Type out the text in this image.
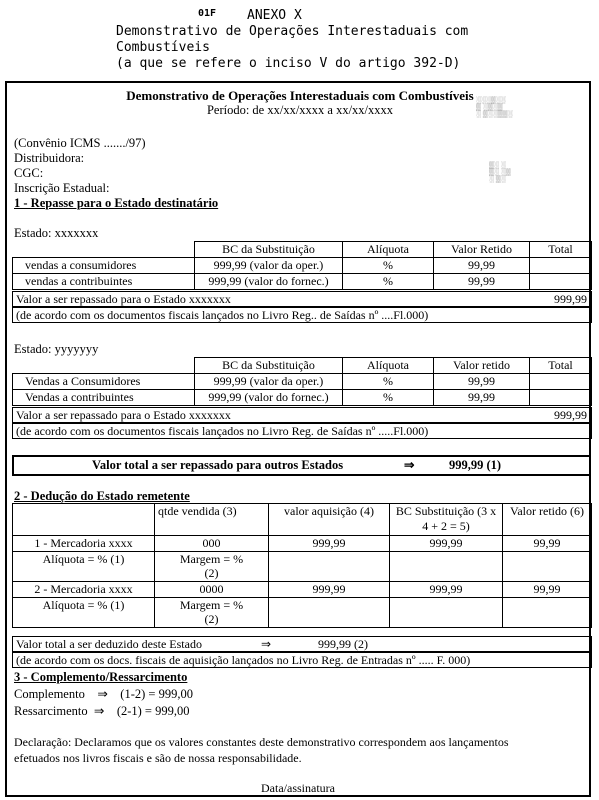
01F ANEXO X
Demonstrativo de Operações Interestaduais com
Combustíveis
(a que se refere o inciso V do artigo 392-D)
Demonstrativo de Operações Interestaduais com Combustíveis
Período: de xx/xx/xxxx a xx/xx/xxxx
░░░▒░░
▒ ░▒░▒
░ ▒░░▒▒░
▒░ ░
▒░ ░▒
░ ▒░
(Convênio ICMS ......./97)
Distribuidora:
CGC:
Inscrição Estadual:
1 - Repasse para o Estado destinatário
Estado: xxxxxxx
	BC da Substituição	Alíquota	Valor Retido	Total
vendas a consumidores	999,99 (valor da oper.)	%	99,99	
vendas a contribuintes	999,99 (valor do fornec.)	%	99,99	
Valor a ser repassado para o Estado xxxxxxx	999,99
(de acordo com os documentos fiscais lançados no Livro Reg.. de Saídas nº ....Fl.000)
Estado: yyyyyyy
	BC da Substituição	Alíquota	Valor retido	Total
Vendas a Consumidores	999,99 (valor da oper.)	%	99,99	
Vendas a contribuintes	999,99 (valor do fornec.)	%	99,99	
Valor a ser repassado para o Estado xxxxxxx	999,99
(de acordo com os documentos fiscais lançados no Livro Reg. de Saídas nº .....Fl.000)
Valor total a ser repassado para outros Estados	⇒	999,99 (1)
2 - Dedução do Estado remetente
	qtde vendida (3)	valor aquisição (4)	BC Substituição (3 x 4 + 2 = 5)	Valor retido (6)
1 - Mercadoria xxxx	000	999,99	999,99	99,99
Alíquota = % (1)	Margem = %
(2)			
2 - Mercadoria xxxx	0000	999,99	999,99	99,99
Alíquota = % (1)	Margem = %
(2)			
Valor total a ser deduzido deste Estado	⇒	999,99 (2)
(de acordo com os docs. fiscais de aquisição lançados no Livro Reg. de Entradas nº ..... F. 000)
3 - Complemento/Ressarcimento
Complemento    ⇒    (1-2) = 999,00
Ressarcimento  ⇒    (2-1) = 999,00
Declaração: Declaramos que os valores constantes deste demonstrativo correspondem aos lançamentos
efetuados nos livros fiscais e são de nossa responsabilidade.
Data/assinatura
